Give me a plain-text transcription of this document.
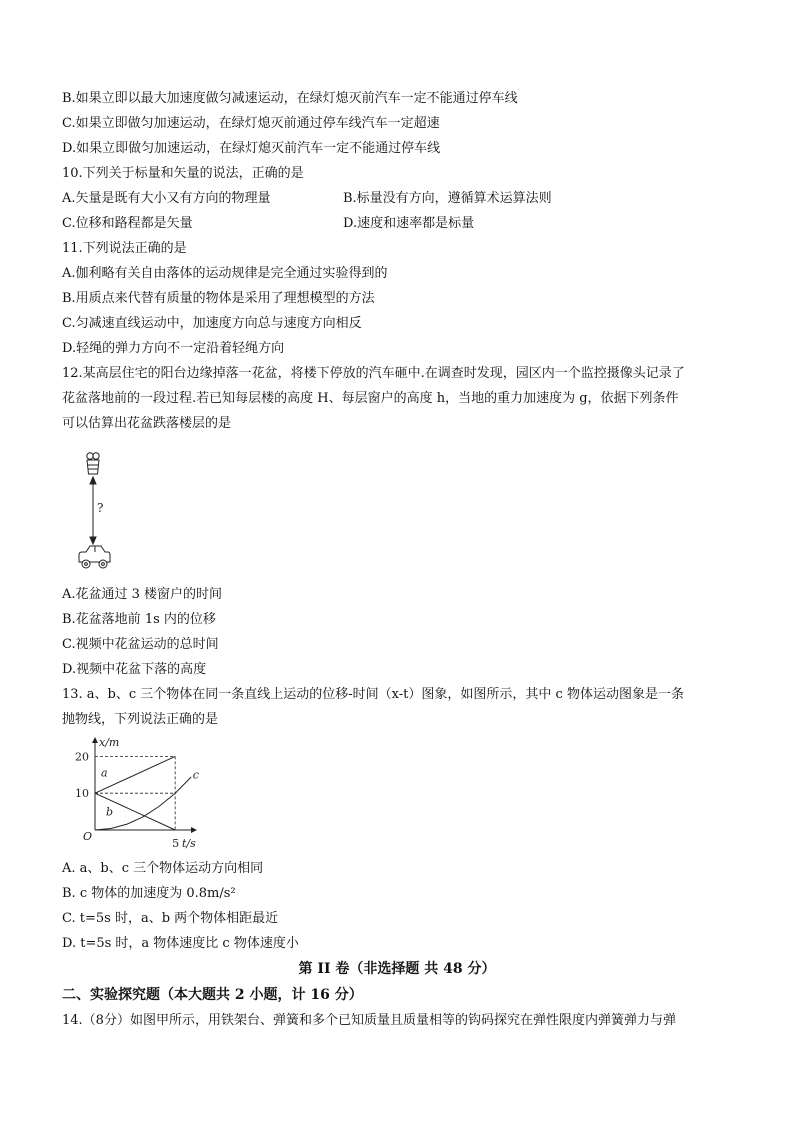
B.如果立即以最大加速度做匀减速运动，在绿灯熄灭前汽车一定不能通过停车线
C.如果立即做匀加速运动，在绿灯熄灭前通过停车线汽车一定超速
D.如果立即做匀加速运动，在绿灯熄灭前汽车一定不能通过停车线
10.下列关于标量和矢量的说法，正确的是
A.矢量是既有大小又有方向的物理量	B.标量没有方向，遵循算术运算法则
C.位移和路程都是矢量	D.速度和速率都是标量
11.下列说法正确的是
A.伽利略有关自由落体的运动规律是完全通过实验得到的
B.用质点来代替有质量的物体是采用了理想模型的方法
C.匀减速直线运动中，加速度方向总与速度方向相反
D.轻绳的弹力方向不一定沿着轻绳方向
12.某高层住宅的阳台边缘掉落一花盆，将楼下停放的汽车砸中.在调查时发现，园区内一个监控摄像头记录了
花盆落地前的一段过程.若已知每层楼的高度 H、每层窗户的高度 h，当地的重力加速度为 g，依据下列条件
可以估算出花盆跌落楼层的是
?
A.花盆通过 3 楼窗户的时间
B.花盆落地前 1s 内的位移
C.视频中花盆运动的总时间
D.视频中花盆下落的高度
13. a、b、c 三个物体在同一条直线上运动的位移-时间（x-t）图象，如图所示，其中 c 物体运动图象是一条
抛物线，下列说法正确的是
x/m
t/s
O
10
20
5
a
b
c
A. a、b、c 三个物体运动方向相同
B. c 物体的加速度为 0.8m/s²
C. t=5s 时，a、b 两个物体相距最近
D. t=5s 时，a 物体速度比 c 物体速度小
第 II 卷（非选择题 共 48 分）
二、实验探究题（本大题共 2 小题，计 16 分）
14.（8分）如图甲所示，用铁架台、弹簧和多个已知质量且质量相等的钩码探究在弹性限度内弹簧弹力与弹
